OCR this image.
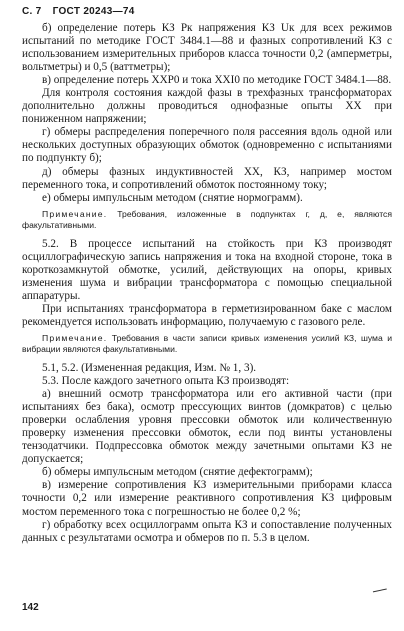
С. 7 ГОСТ 20243—74

б) определение потерь КЗ Pк напряжения КЗ Uк для всех режимов испытаний по методике ГОСТ 3484.1—88 и фазных сопротивлений КЗ с использованием измерительных приборов класса точности 0,2 (амперметры, вольтметры) и 0,5 (ваттметры);

в) определение потерь XXP0 и тока XXI0 по методике ГОСТ 3484.1—88.

Для контроля состояния каждой фазы в трехфазных трансформаторах дополнительно должны проводиться однофазные опыты XX при пониженном напряжении;

г) обмеры распределения поперечного поля рассеяния вдоль одной или нескольких доступных образующих обмоток (одновременно с испытаниями по подпункту б);

д) обмеры фазных индуктивностей XX, КЗ, например мостом переменного тока, и сопротивлений обмоток постоянному току;

е) обмеры импульсным методом (снятие нормограмм).

Примечание. Требования, изложенные в подпунктах г, д, е, являются факультативными.

5.2. В процессе испытаний на стойкость при КЗ производят осциллографическую запись напряжения и тока на входной стороне, тока в короткозамкнутой обмотке, усилий, действующих на опоры, кривых изменения шума и вибрации трансформатора с помощью специальной аппаратуры.

При испытаниях трансформатора в герметизированном баке с маслом рекомендуется использовать информацию, получаемую с газового реле.

Примечание. Требования в части записи кривых изменения усилий КЗ, шума и вибрации являются факультативными.

5.1, 5.2. (Измененная редакция, Изм. № 1, 3).

5.3. После каждого зачетного опыта КЗ производят:

а) внешний осмотр трансформатора или его активной части (при испытаниях без бака), осмотр прессующих винтов (домкратов) с целью проверки ослабления уровня прессовки обмоток или количественную проверку изменения прессовки обмоток, если под винты установлены тензодатчики. Подпрессовка обмоток между зачетными опытами КЗ не допускается;

б) обмеры импульсным методом (снятие дефектограмм);

в) измерение сопротивления КЗ измерительными приборами класса точности 0,2 или измерение реактивного сопротивления КЗ цифровым мостом переменного тока с погрешностью не более 0,2 %;

г) обработку всех осциллограмм опыта КЗ и сопоставление полученных данных с результатами осмотра и обмеров по п. 5.3 в целом.

142
